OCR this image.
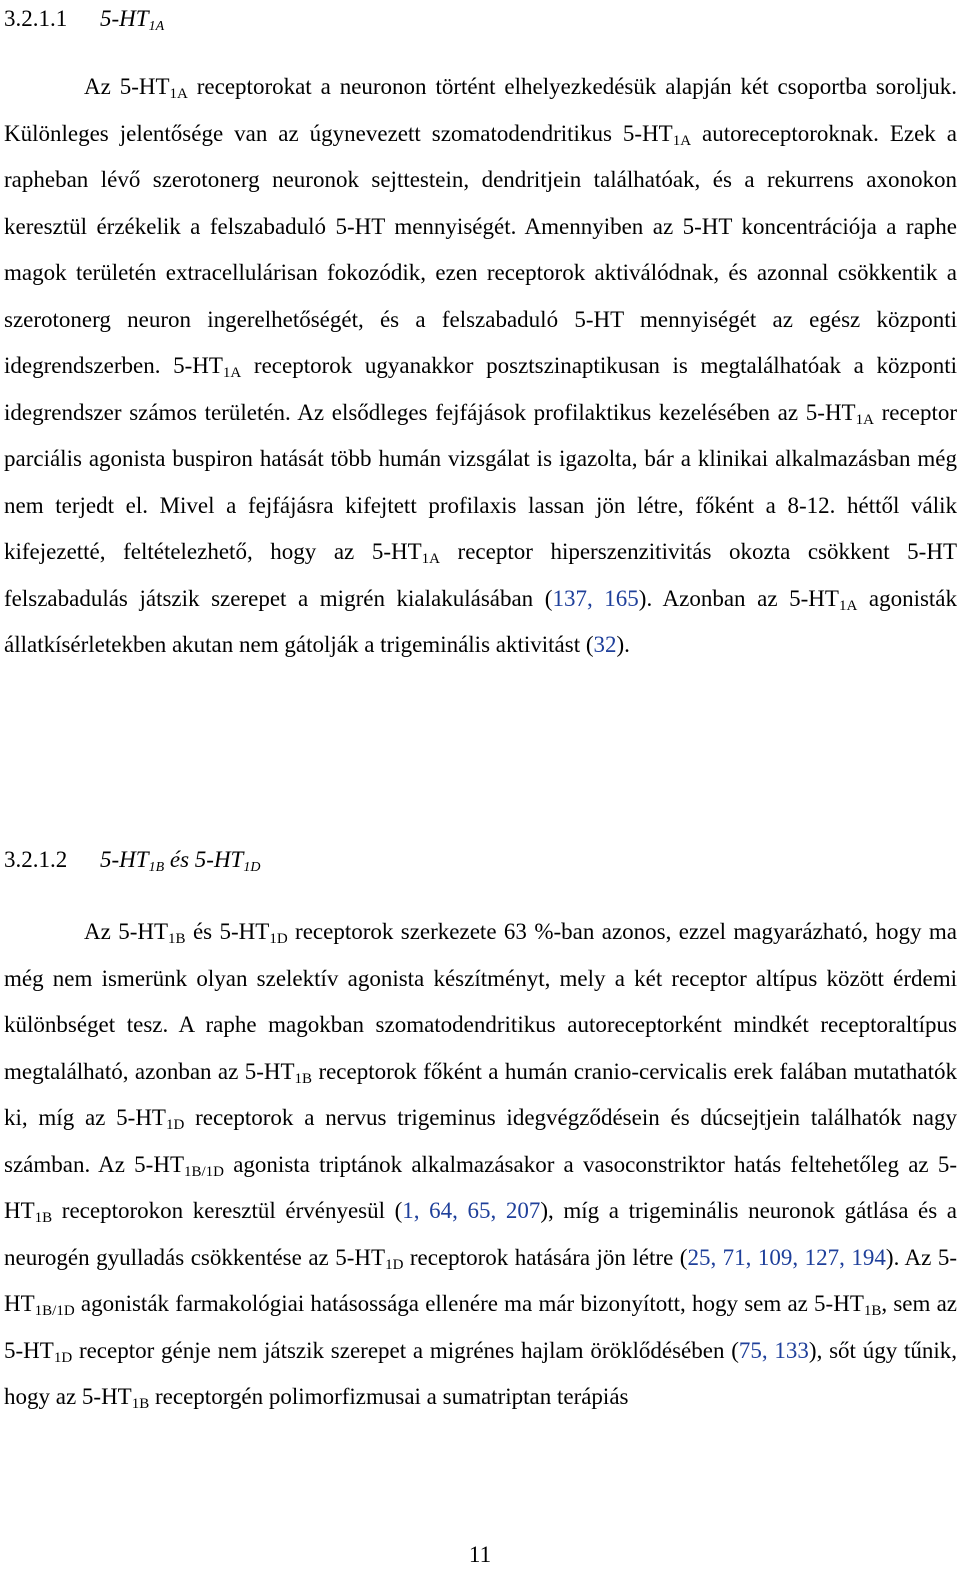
3.2.1.1 $5-HT_{1A}$

Az $5-HT_{1A}$ receptorokat a neuronon történt elhelyezkedésük alapján két csoportba soroljuk. Különleges jelentősége van az úgynevezett szomatodendritikus $5-HT_{1A}$ autoreceptoroknak. Ezek a rapheban lévő szerotonerg neuronok sejttestein, dendritjein találhatóak, és a rekurrens axonokon keresztül érzékelik a felszabaduló 5-HT mennyiségét. Amennyiben az 5-HT koncentrációja a raphe magok területén extracellulárisan fokozódik, ezen receptorok aktiválódnak, és azonnal csökkentik a szerotonerg neuron ingerelhetőségét, és a felszabaduló 5-HT mennyiségét az egész központi idegrendszerben. $5-HT_{1A}$ receptorok ugyanakkor posztszinaptikusan is megtalálhatóak a központi idegrendszer számos területén. Az elsődleges fejfájások profilaktikus kezelésében az $5-HT_{1A}$ receptor parciális agonista buspiron hatását több humán vizsgálat is igazolta, bár a klinikai alkalmazásban még nem terjedt el. Mivel a fejfájásra kifejtett profilaxis lassan jön létre, főként a 8-12. héttől válik kifejezetté, feltételezhető, hogy az $5-HT_{1A}$ receptor hiperszenzitivitás okozta csökkent 5-HT felszabadulás játszik szerepet a migrén kialakulásában (137, 165). Azonban az $5-HT_{1A}$ agonisták állatkísérletekben akutan nem gátolják a trigeminális aktivitást (32).

3.2.1.2 $5-HT_{1B}$ és $5-HT_{1D}$

Az $5-HT_{1B}$ és $5-HT_{1D}$ receptorok szerkezete 63 %-ban azonos, ezzel magyarázható, hogy ma még nem ismerünk olyan szelektív agonista készítményt, mely a két receptor altípus között érdemi különbséget tesz. A raphe magokban szomatodendritikus autoreceptorként mindkét receptoraltípus megtalálható, azonban az $5-HT_{1B}$ receptorok főként a humán cranio-cervicalis erek falában mutathatók ki, míg az $5-HT_{1D}$ receptorok a nervus trigeminus idegvégződésein és dúcsejtjein találhatók nagy számban. Az $5-HT_{1B/1D}$ agonista triptánok alkalmazásakor a vasoconstriktor hatás feltehetőleg az $5-HT_{1B}$ receptorokon keresztül érvényesül (1, 64, 65, 207), míg a trigeminális neuronok gátlása és a neurogén gyulladás csökkentése az $5-HT_{1D}$ receptorok hatására jön létre (25, 71, 109, 127, 194). Az $5-HT_{1B/1D}$ agonisták farmakológiai hatásossága ellenére ma már bizonyított, hogy sem az $5-HT_{1B}$, sem az $5-HT_{1D}$ receptor génje nem játszik szerepet a migrénes hajlam öröklődésében (75, 133), sőt úgy tűnik, hogy az $5-HT_{1B}$ receptorgén polimorfizmusai a sumatriptan terápiás

11
